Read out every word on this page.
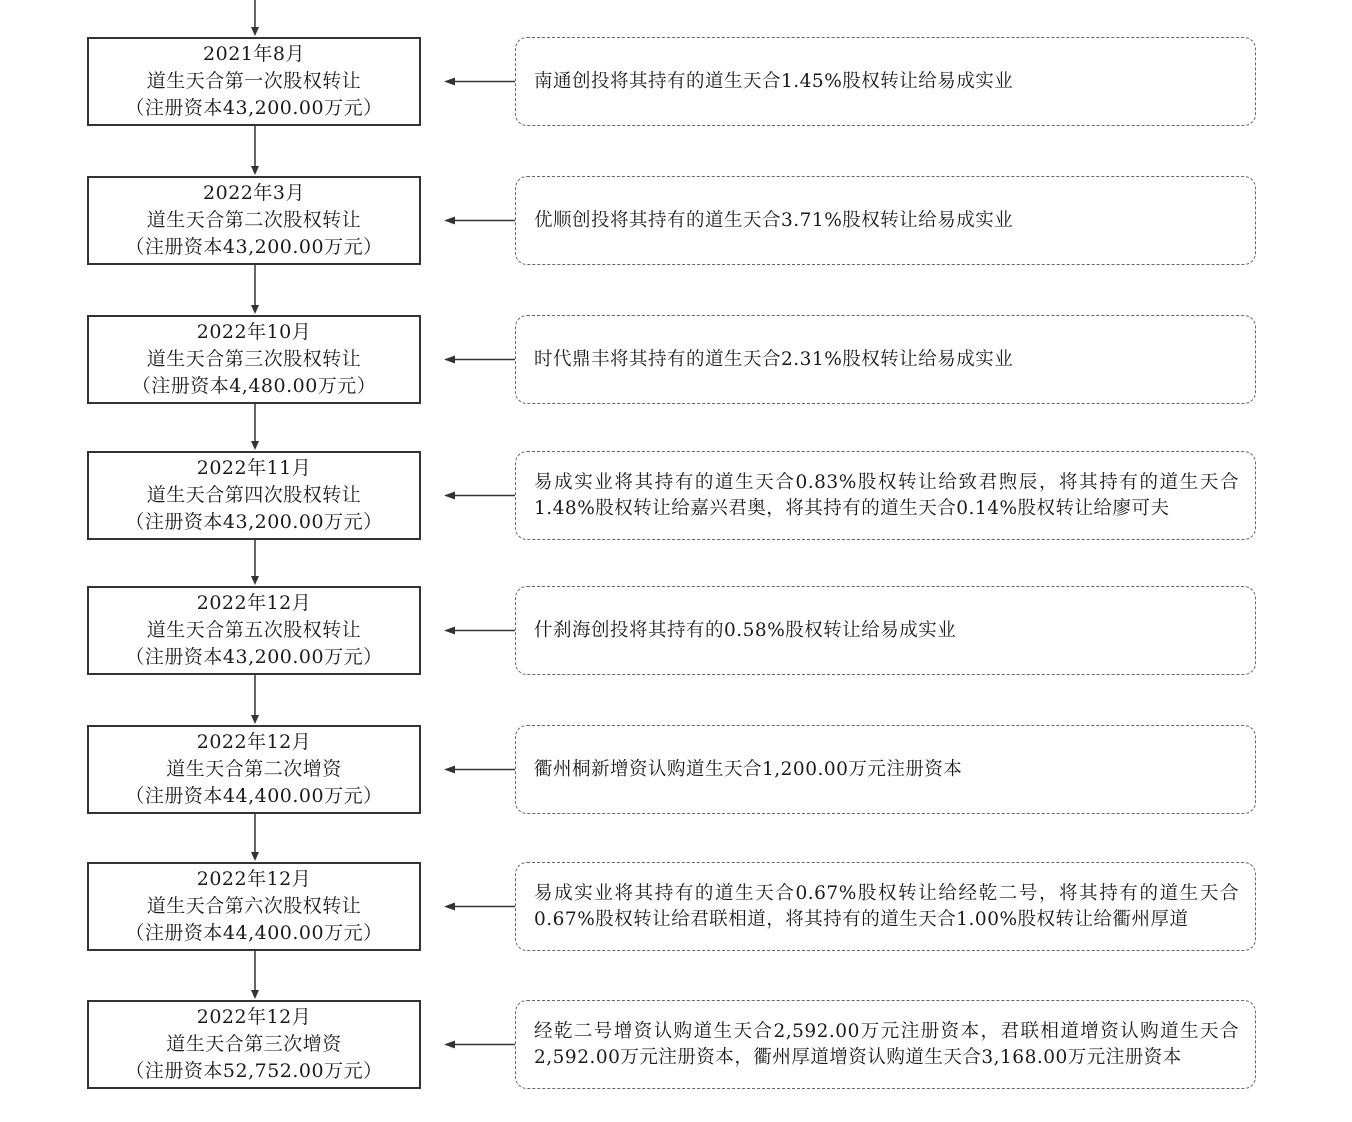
2021年8月
道生天合第一次股权转让
（注册资本43,200.00万元）
南通创投将其持有的道生天合1.45%股权转让给易成实业
2022年3月
道生天合第二次股权转让
（注册资本43,200.00万元）
优顺创投将其持有的道生天合3.71%股权转让给易成实业
2022年10月
道生天合第三次股权转让
（注册资本4,480.00万元）
时代鼎丰将其持有的道生天合2.31%股权转让给易成实业
2022年11月
道生天合第四次股权转让
（注册资本43,200.00万元）
易成实业将其持有的道生天合0.83%股权转让给致君煦辰，将其持有的道生天合1.48%股权转让给嘉兴君奥，将其持有的道生天合0.14%股权转让给廖可夫
2022年12月
道生天合第五次股权转让
（注册资本43,200.00万元）
什刹海创投将其持有的0.58%股权转让给易成实业
2022年12月
道生天合第二次增资
（注册资本44,400.00万元）
衢州桐新增资认购道生天合1,200.00万元注册资本
2022年12月
道生天合第六次股权转让
（注册资本44,400.00万元）
易成实业将其持有的道生天合0.67%股权转让给经乾二号，将其持有的道生天合0.67%股权转让给君联相道，将其持有的道生天合1.00%股权转让给衢州厚道
2022年12月
道生天合第三次增资
（注册资本52,752.00万元）
经乾二号增资认购道生天合2,592.00万元注册资本，君联相道增资认购道生天合2,592.00万元注册资本，衢州厚道增资认购道生天合3,168.00万元注册资本
